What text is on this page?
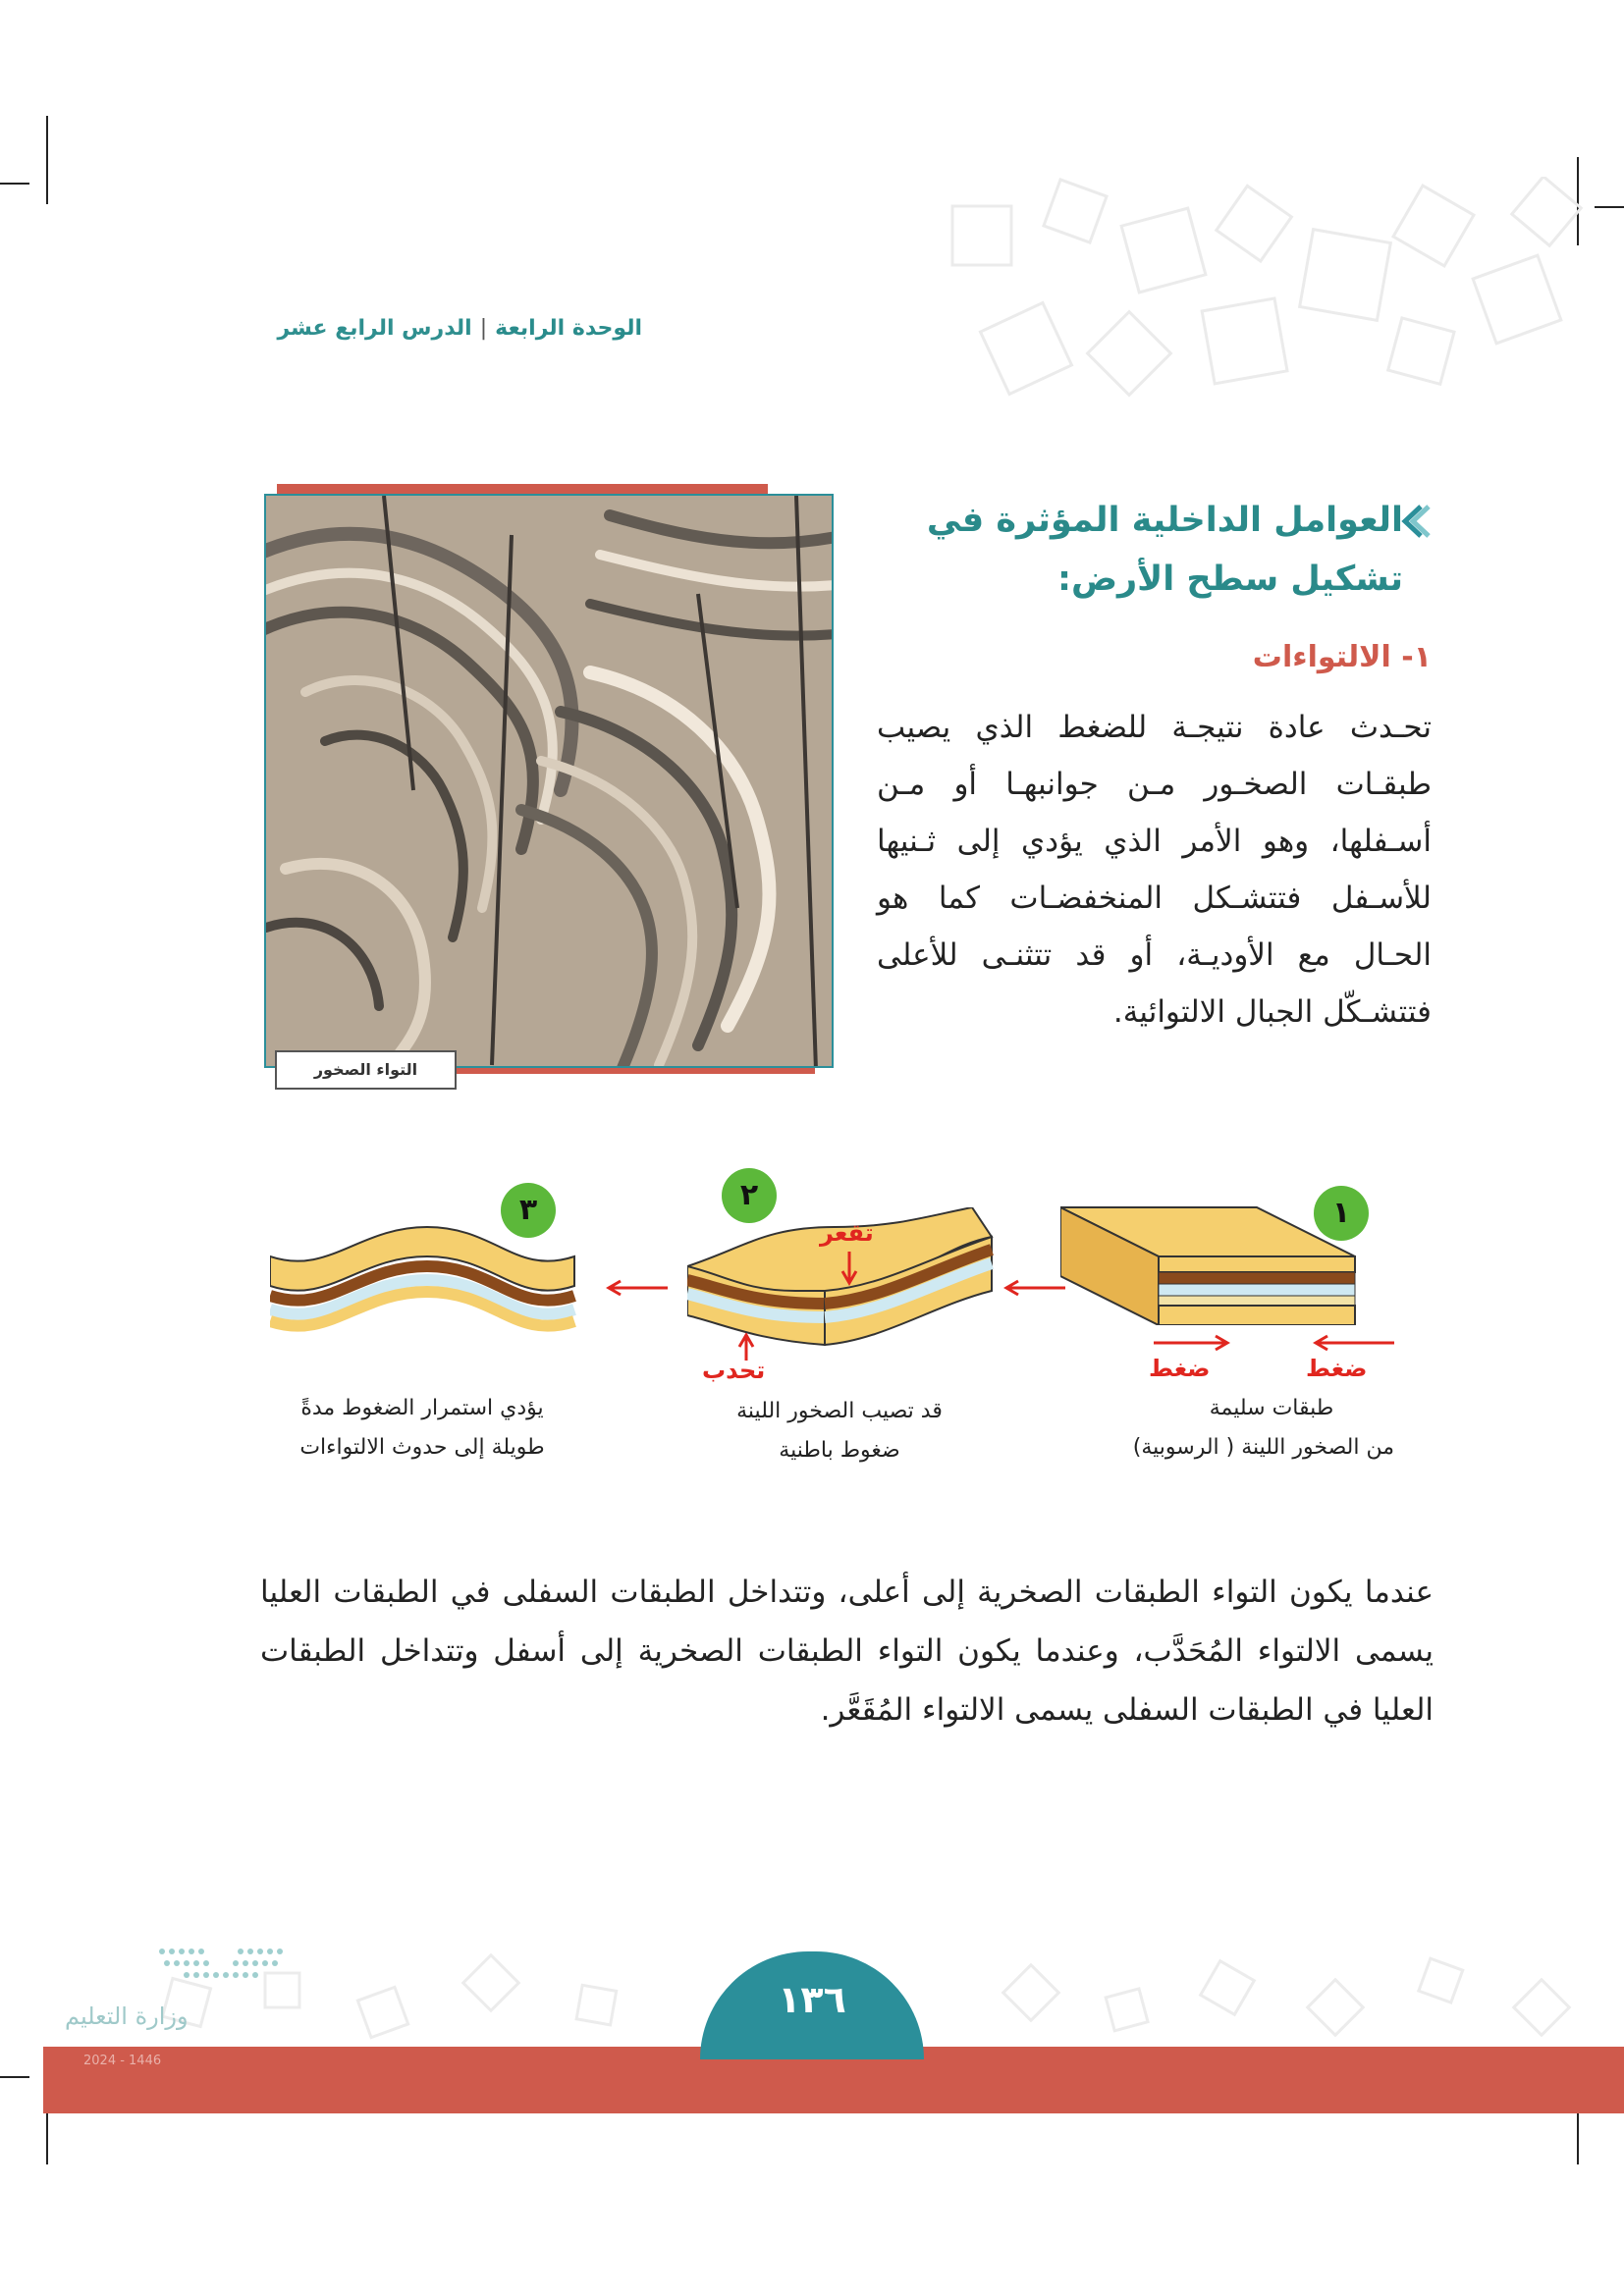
الوحدة الرابعة|الدرس الرابع عشر
التواء الصخور
العوامل الداخلية المؤثرة في تشكيل سطح الأرض:
١- الالتواءات
تحـدث عادة نتيجـة للضغط الذي يصيب طبقـات الصخـور مـن جوانبهـا أو مـن أسـفلها، وهو الأمر الذي يؤدي إلى ثـنيها للأسـفل فتتشـكل المنخفضـات كما هو الحـال مع الأوديـة، أو قد تتثنـى للأعلى فتتشـكّل الجبال الالتوائية.
١
ضغط	ضغط
طبقات سليمة
من الصخور اللينة ( الرسوبية)
٢
تقعر
تحدب
قد تصيب الصخور اللينة
ضغوط باطنية
٣
يؤدي استمرار الضغوط مدةً
طويلة إلى حدوث الالتواءات
عندما يكون التواء الطبقات الصخرية إلى أعلى، وتتداخل الطبقات السفلى في الطبقات العليا يسمى الالتواء المُحَدَّب، وعندما يكون التواء الطبقات الصخرية إلى أسفل وتتداخل الطبقات العليا في الطبقات السفلى يسمى الالتواء المُقَعَّر.
١٣٦
وزارة التعليم
2024 - 1446
